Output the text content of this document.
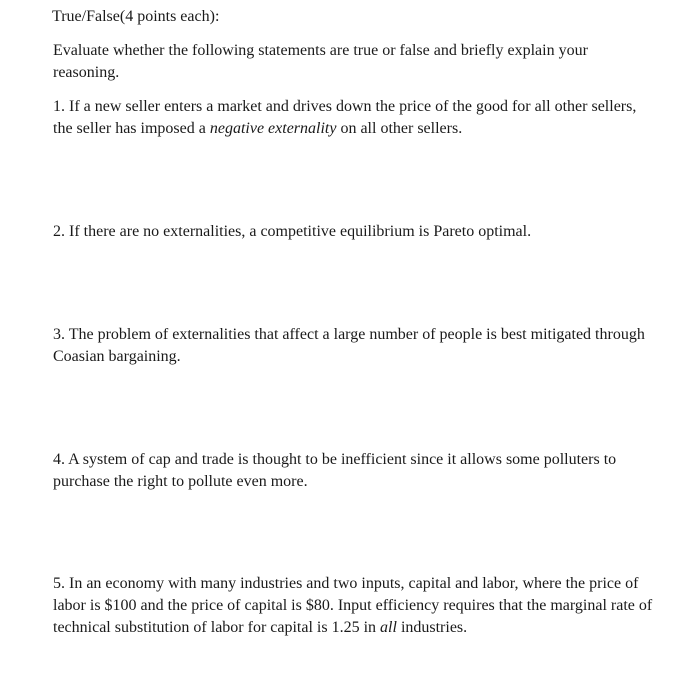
True/False(4 points each):

Evaluate whether the following statements are true or false and briefly explain your reasoning.

1. If a new seller enters a market and drives down the price of the good for all other sellers, the seller has imposed a negative externality on all other sellers.

2. If there are no externalities, a competitive equilibrium is Pareto optimal.

3. The problem of externalities that affect a large number of people is best mitigated through Coasian bargaining.

4. A system of cap and trade is thought to be inefficient since it allows some polluters to purchase the right to pollute even more.

5. In an economy with many industries and two inputs, capital and labor, where the price of labor is $100 and the price of capital is $80. Input efficiency requires that the marginal rate of technical substitution of labor for capital is 1.25 in all industries.
